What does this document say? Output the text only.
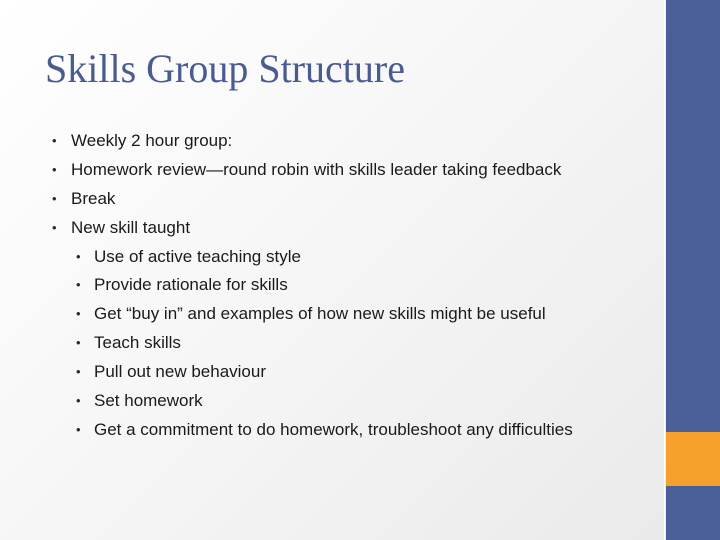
Skills Group Structure
• Weekly 2 hour group:
• Homework review—round robin with skills leader taking feedback
• Break
• New skill taught
• Use of active teaching style
• Provide rationale for skills
• Get “buy in” and examples of how new skills might be useful
• Teach skills
• Pull out new behaviour
• Set homework
• Get a commitment to do homework, troubleshoot any difficulties
